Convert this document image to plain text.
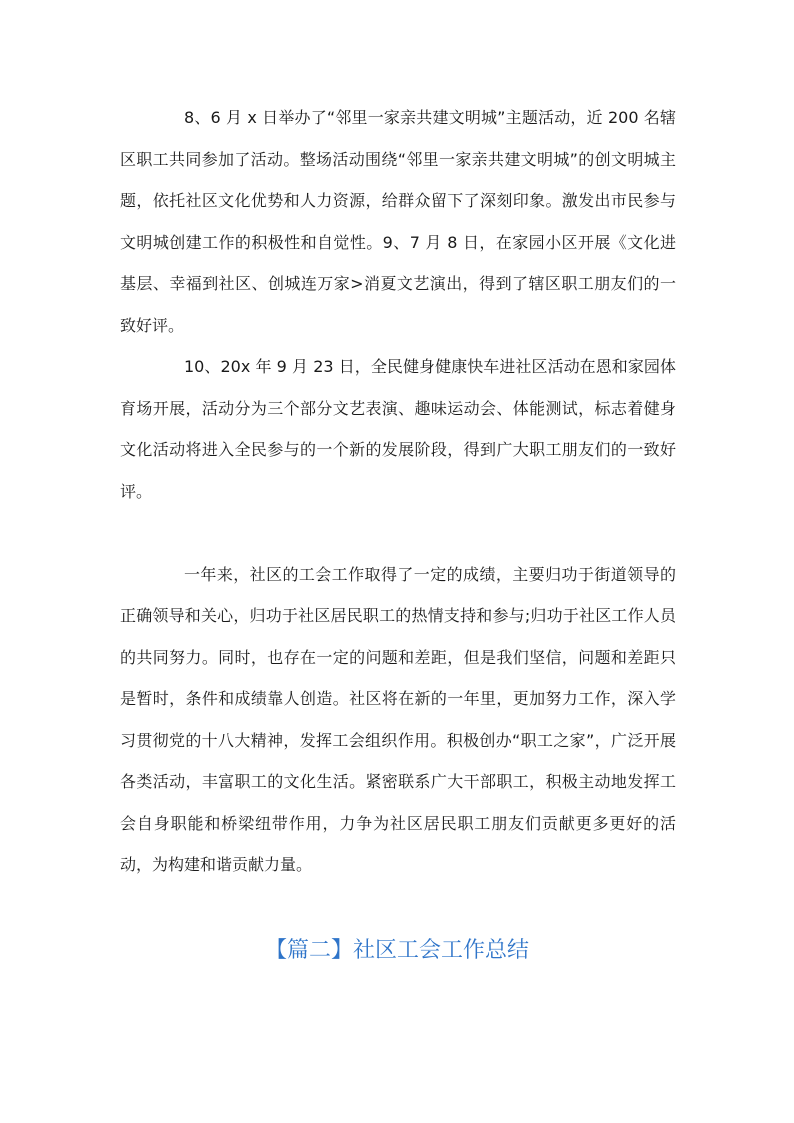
8、6 月 x 日举办了“邻里一家亲共建文明城”主题活动，近 200 名辖区职工共同参加了活动。整场活动围绕“邻里一家亲共建文明城”的创文明城主题，依托社区文化优势和人力资源，给群众留下了深刻印象。激发出市民参与文明城创建工作的积极性和自觉性。9、7 月 8 日，在家园小区开展《文化进基层、幸福到社区、创城连万家>消夏文艺演出，得到了辖区职工朋友们的一致好评。

10、20x 年 9 月 23 日，全民健身健康快车进社区活动在恩和家园体育场开展，活动分为三个部分文艺表演、趣味运动会、体能测试，标志着健身文化活动将进入全民参与的一个新的发展阶段，得到广大职工朋友们的一致好评。

一年来，社区的工会工作取得了一定的成绩，主要归功于街道领导的正确领导和关心，归功于社区居民职工的热情支持和参与;归功于社区工作人员的共同努力。同时，也存在一定的问题和差距，但是我们坚信，问题和差距只是暂时，条件和成绩靠人创造。社区将在新的一年里，更加努力工作，深入学习贯彻党的十八大精神，发挥工会组织作用。积极创办“职工之家”，广泛开展各类活动，丰富职工的文化生活。紧密联系广大干部职工，积极主动地发挥工会自身职能和桥梁纽带作用，力争为社区居民职工朋友们贡献更多更好的活动，为构建和谐贡献力量。

【篇二】社区工会工作总结
